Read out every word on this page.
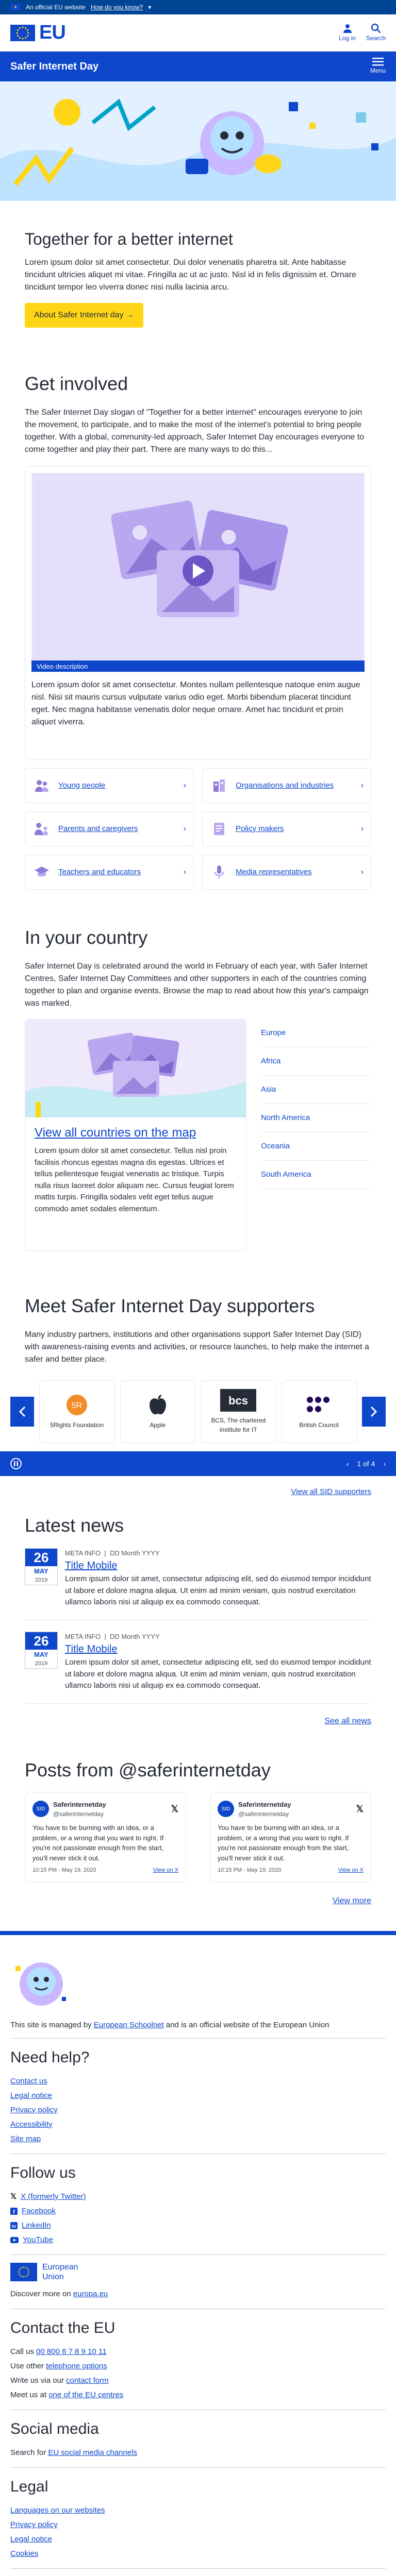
★	An official EU website How do you know? ▾
EU	Log in Search
Safer Internet Day	Menu
Together for a better internet

Lorem ipsum dolor sit amet consectetur. Dui dolor venenatis pharetra sit. Ante habitasse tincidunt ultricies aliquet mi vitae. Fringilla ac ut ac justo. Nisl id in felis dignissim et. Ornare tincidunt tempor leo viverra donec nisi nulla lacinia arcu.

About Safer Internet day →
Get involved

The Safer Internet Day slogan of "Together for a better internet" encourages everyone to join the movement, to participate, and to make the most of the internet's potential to bring people together. With a global, community-led approach, Safer Internet Day encourages everyone to come together and play their part. There are many ways to do this...

Video description

Lorem ipsum dolor sit amet consectetur. Montes nullam pellentesque natoque enim augue nisl. Nisi sit mauris cursus vulputate varius odio eget. Morbi bibendum placerat tincidunt eget. Nec magna habitasse venenatis dolor neque ornare. Amet hac tincidunt et proin aliquet viverra.

Young people	›	Organisations and industries	›
Parents and caregivers	›	Policy makers	›
Teachers and educators	›	Media representatives	›
In your country

Safer Internet Day is celebrated around the world in February of each year, with Safer Internet Centres, Safer Internet Day Committees and other supporters in each of the countries coming together to plan and organise events. Browse the map to read about how this year's campaign was marked.

View all countries on the map

Lorem ipsum dolor sit amet consectetur. Tellus nisl proin facilisis rhoncus egestas magna dis egestas. Ultrices et tellus pellentesque feugiat venenatis ac tristique. Turpis nulla risus laoreet dolor aliquam nec. Cursus feugiat lorem mattis turpis. Fringilla sodales velit eget tellus augue commodo amet sodales elementum.

Europe
Africa
Asia
North America
Oceania
South America
Meet Safer Internet Day supporters

Many industry partners, institutions and other organisations support Safer Internet Day (SID) with awareness-raising events and activities, or resource launches, to help make the internet a safer and better place.

5R
5Rights Foundation	Apple
bcs
BCS, The chartered institute for IT
British Council
‹ 1 of 4 ›
View all SID supporters
Latest news
26
MAY
2019
META INFO  |  DD Month YYYY
Title Mobile

Lorem ipsum dolor sit amet, consectetur adipiscing elit, sed do eiusmod tempor incididunt ut labore et dolore magna aliqua. Ut enim ad minim veniam, quis nostrud exercitation ullamco laboris nisi ut aliquip ex ea commodo consequat.

26
MAY
2019
META INFO  |  DD Month YYYY
Title Mobile

Lorem ipsum dolor sit amet, consectetur adipiscing elit, sed do eiusmod tempor incididunt ut labore et dolore magna aliqua. Ut enim ad minim veniam, quis nostrud exercitation ullamco laboris nisi ut aliquip ex ea commodo consequat.

See all news
Posts from @saferinternetday
SID
Saferinternetday
@saferinternetday
𝕏

You have to be burning with an idea, or a problem, or a wrong that you want to right. If you're not passionate enough from the start, you'll never stick it out.

10:15 PM - May 19, 2020	View on X
SID
Saferinternetday
@saferinternetday
𝕏

You have to be burning with an idea, or a problem, or a wrong that you want to right. If you're not passionate enough from the start, you'll never stick it out.

10:15 PM - May 19, 2020	View on X
View more

This site is managed by European Schoolnet and is an official website of the European Union

Need help?
Contact us
Legal notice
Privacy policy
Accessibility
Site map
Follow us
𝕏 X (formerly Twitter)
f Facebook
in LinkedIn
YouTube
European
Union

Discover more on europa.eu

Contact the EU

Call us 00 800 6 7 8 9 10 11

Use other telephone options

Write us via our contact form

Meet us at one of the EU centres

Social media

Search for EU social media channels

Legal
Languages on our websites
Privacy policy
Legal notice
Cookies
